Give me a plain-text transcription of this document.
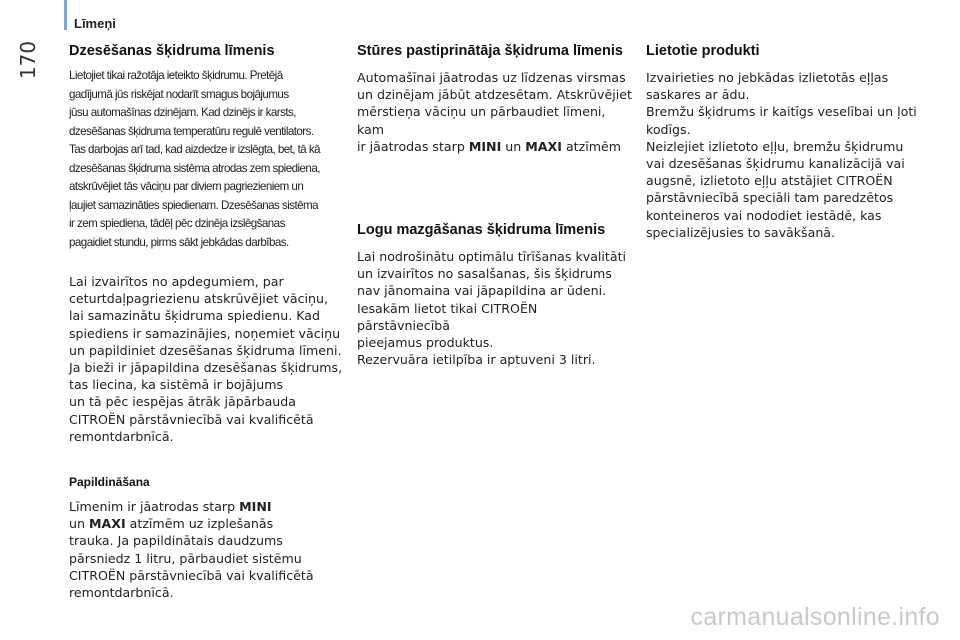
170
Līmeņi
Dzesēšanas šķidruma līmenis

Lietojiet tikai ražotāja ieteikto šķidrumu. Pretējā
gadījumā jūs riskējat nodarīt smagus bojājumus
jūsu automašīnas dzinējam. Kad dzinējs ir karsts,
dzesēšanas šķidruma temperatūru regulē ventilators.
Tas darbojas arī tad, kad aizdedze ir izslēgta, bet, tā kā
dzesēšanas šķidruma sistēma atrodas zem spiediena,
atskrūvējiet tās vāciņu par diviem pagriezieniem un
ļaujiet samazināties spiedienam. Dzesēšanas sistēma
ir zem spiediena, tādēļ pēc dzinēja izslēgšanas
pagaidiet stundu, pirms sākt jebkādas darbības.

Lai izvairītos no apdegumiem, par
ceturtdaļpagriezienu atskrūvējiet vāciņu,
lai samazinātu šķidruma spiedienu. Kad
spiediens ir samazinājies, noņemiet vāciņu
un papildiniet dzesēšanas šķidruma līmeni.
Ja bieži ir jāpapildina dzesēšanas šķidrums,
tas liecina, ka sistēmā ir bojājums
un tā pēc iespējas ātrāk jāpārbauda
CITROËN pārstāvniecībā vai kvalificētā
remontdarbnīcā.

Papildināšana

Līmenim ir jāatrodas starp MINI
un MAXI atzīmēm uz izplešanās
trauka. Ja papildinātais daudzums
pārsniedz 1 litru, pārbaudiet sistēmu
CITROËN pārstāvniecībā vai kvalificētā
remontdarbnīcā.

Stūres pastiprinātāja šķidruma līmenis

Automašīnai jāatrodas uz līdzenas virsmas
un dzinējam jābūt atdzesētam. Atskrūvējiet
mērstieņa vāciņu un pārbaudiet līmeni, kam
ir jāatrodas starp MINI un MAXI atzīmēm

Logu mazgāšanas šķidruma līmenis

Lai nodrošinātu optimālu tīrīšanas kvalitāti
un izvairītos no sasalšanas, šis šķidrums
nav jānomaina vai jāpapildina ar ūdeni.
Iesakām lietot tikai CITROËN pārstāvniecībā
pieejamus produktus.
Rezervuāra ietilpība ir aptuveni 3 litri.

Lietotie produkti

Izvairieties no jebkādas izlietotās eļļas
saskares ar ādu.
Bremžu šķidrums ir kaitīgs veselībai un ļoti
kodīgs.
Neizlejiet izlietoto eļļu, bremžu šķidrumu
vai dzesēšanas šķidrumu kanalizācijā vai
augsnē, izlietoto eļļu atstājiet CITROËN
pārstāvniecībā speciāli tam paredzētos
konteineros vai nododiet iestādē, kas
specializējusies to savākšanā.

carmanualsonline.info
